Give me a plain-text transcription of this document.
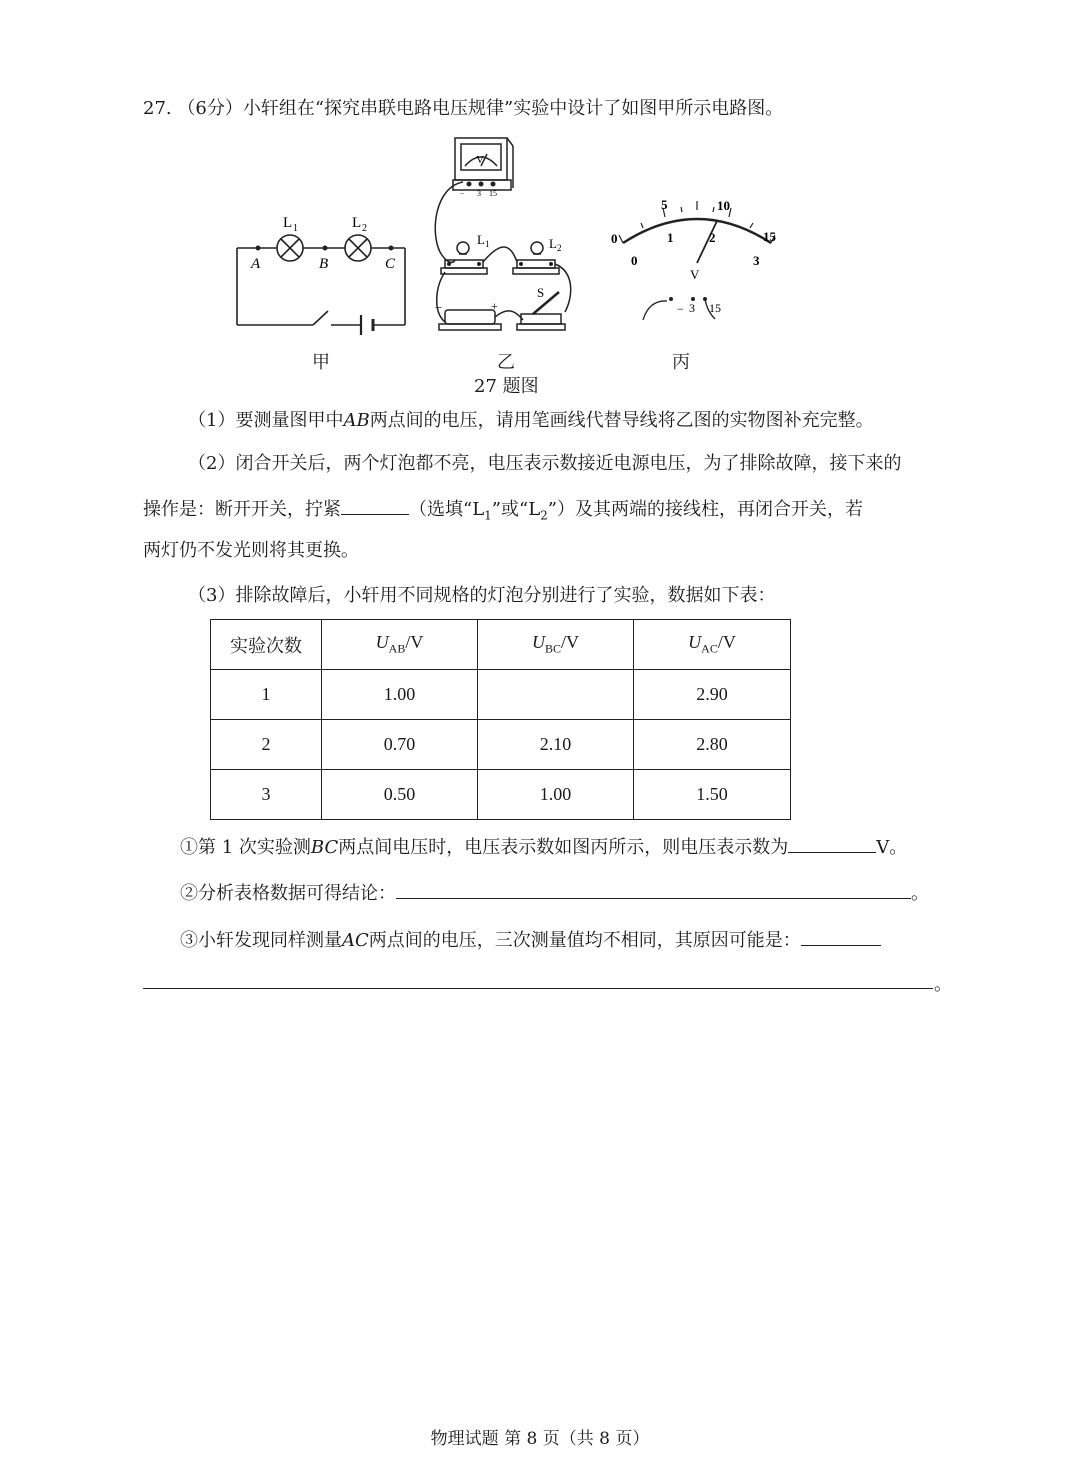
27. （6分）小轩组在“探究串联电路电压规律”实验中设计了如图甲所示电路图。
L 1	L 2
A	B	C
甲
V
− 3 15
L 1	L 2
S
−	+
乙
0
5	10
15
0
1	2
3
V
− 3 15
丙
27 题图
（1）要测量图甲中AB两点间的电压，请用笔画线代替导线将乙图的实物图补充完整。
（2）闭合开关后，两个灯泡都不亮，电压表示数接近电源电压，为了排除故障，接下来的
操作是：断开开关，拧紧	（选填“$L_1$”或“$L_2$”）及其两端的接线柱，再闭合开关，若
两灯仍不发光则将其更换。
（3）排除故障后，小轩用不同规格的灯泡分别进行了实验，数据如下表：
实验次数	$U_{AB}/V$	$U_{BC}/V$	$U_{AC}/V$
1	1.00		2.90
2	0.70	2.10	2.80
3	0.50	1.00	1.50
①第 1 次实验测BC两点间电压时，电压表示数如图丙所示，则电压表示数为	V。
②分析表格数据可得结论：	。
③小轩发现同样测量AC两点间的电压，三次测量值均不相同，其原因可能是：
。
物理试题 第 8 页（共 8 页）
